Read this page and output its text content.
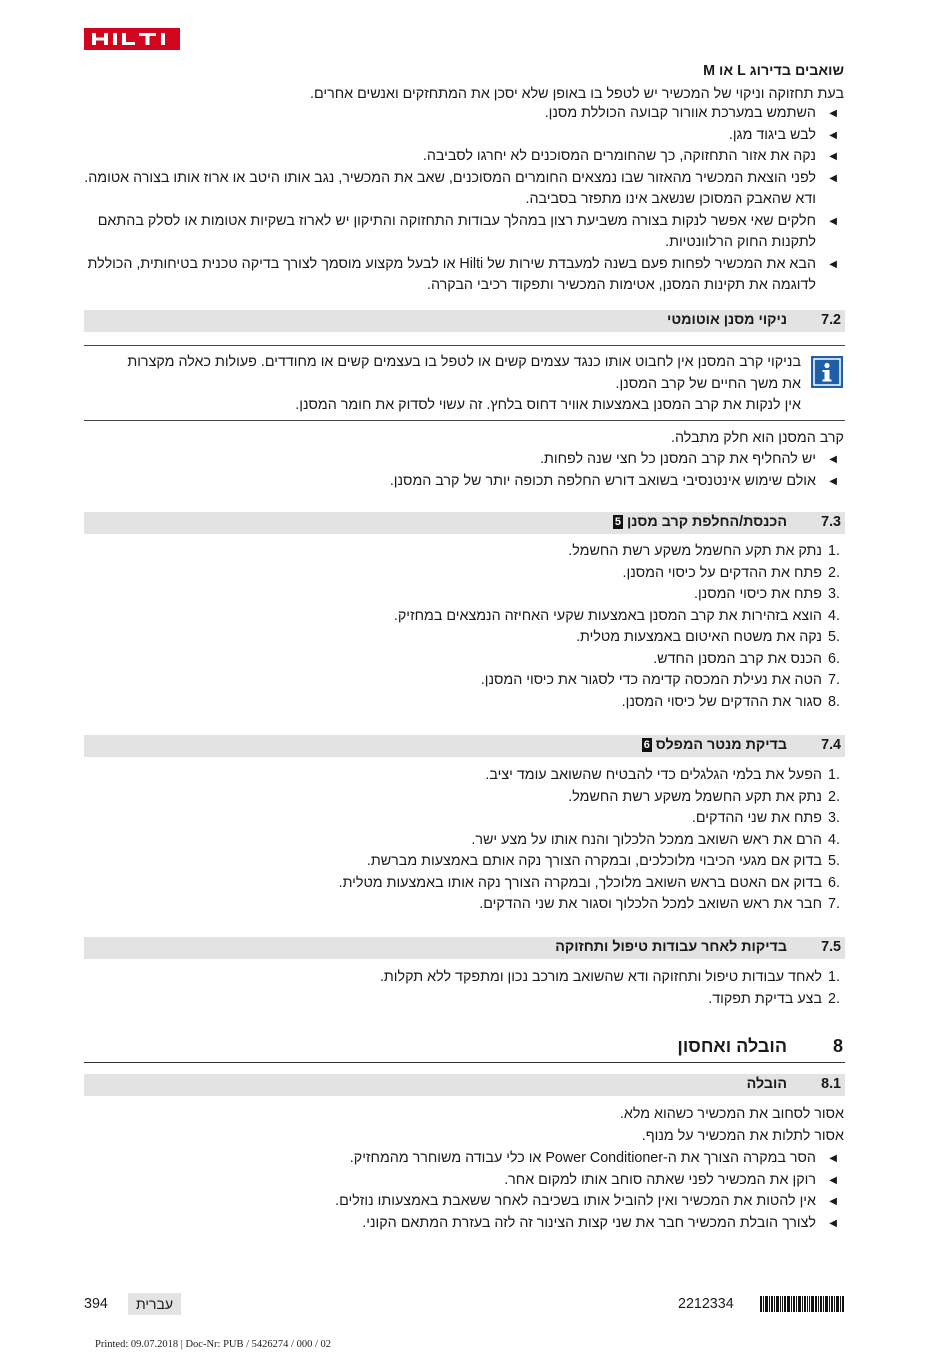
שואבים בדירוג L או M
בעת תחזוקה וניקוי של המכשיר יש לטפל בו באופן שלא יסכן את המתחזקים ואנשים אחרים.
◀
השתמש במערכת אוורור קבועה הכוללת מסנן.
◀
לבש ביגוד מגן.
◀
נקה את אזור התחזוקה, כך שהחומרים המסוכנים לא יחרגו לסביבה.
◀
לפני הוצאת המכשיר מהאזור שבו נמצאים החומרים המסוכנים, שאב את המכשיר, נגב אותו היטב או ארוז אותו בצורה אטומה. ודא שהאבק המסוכן שנשאב אינו מתפזר בסביבה.
◀
חלקים שאי אפשר לנקות בצורה משביעת רצון במהלך עבודות התחזוקה והתיקון יש לארוז בשקיות אטומות או לסלק בהתאם לתקנות החוק הרלוונטיות.
◀
הבא את המכשיר לפחות פעם בשנה למעבדת שירות של Hilti או לבעל מקצוע מוסמך לצורך בדיקה טכנית בטיחותית, הכוללת לדוגמה את תקינות המסנן, אטימות המכשיר ותפקוד רכיבי הבקרה.
7.2
ניקוי מסנן אוטומטי
בניקוי קרב המסנן אין לחבוט אותו כנגד עצמים קשים או לטפל בו בעצמים קשים או מחודדים. פעולות כאלה מקצרות
את משך החיים של קרב המסנן.
אין לנקות את קרב המסנן באמצעות אוויר דחוס בלחץ. זה עשוי לסדוק את חומר המסנן.
קרב המסנן הוא חלק מתבלה.
◀
יש להחליף את קרב המסנן כל חצי שנה לפחות.
◀
אולם שימוש אינטנסיבי בשואב דורש החלפה תכופה יותר של קרב המסנן.
7.3
הכנסת/החלפת קרב מסנן 5
1.
נתק את תקע החשמל משקע רשת החשמל.
2.
פתח את ההדקים על כיסוי המסנן.
3.
פתח את כיסוי המסנן.
4.
הוצא בזהירות את קרב המסנן באמצעות שקעי האחיזה הנמצאים במחזיק.
5.
נקה את משטח האיטום באמצעות מטלית.
6.
הכנס את קרב המסנן החדש.
7.
הטה את נעילת המכסה קדימה כדי לסגור את כיסוי המסנן.
8.
סגור את ההדקים של כיסוי המסנן.
7.4
בדיקת מנטר המפלס 6
1.
הפעל את בלמי הגלגלים כדי להבטיח שהשואב עומד יציב.
2.
נתק את תקע החשמל משקע רשת החשמל.
3.
פתח את שני ההדקים.
4.
הרם את ראש השואב ממכל הלכלוך והנח אותו על מצע ישר.
5.
בדוק אם מגעי הכיבוי מלוכלכים, ובמקרה הצורך נקה אותם באמצעות מברשת.
6.
בדוק אם האטם בראש השואב מלוכלך, ובמקרה הצורך נקה אותו באמצעות מטלית.
7.
חבר את ראש השואב למכל הלכלוך וסגור את שני ההדקים.
7.5
בדיקות לאחר עבודות טיפול ותחזוקה
1.
לאחד עבודות טיפול ותחזוקה ודא שהשואב מורכב נכון ומתפקד ללא תקלות.
2.
בצע בדיקת תפקוד.
8
הובלה ואחסון
8.1
הובלה
אסור לסחוב את המכשיר כשהוא מלא.
אסור לתלות את המכשיר על מנוף.
◀
הסר במקרה הצורך את ה-Power Conditioner או כלי עבודה משוחרר מהמחזיק.
◀
רוקן את המכשיר לפני שאתה סוחב אותו למקום אחר.
◀
אין להטות את המכשיר ואין להוביל אותו בשכיבה לאחר ששאבת באמצעותו נוזלים.
◀
לצורך הובלת המכשיר חבר את שני קצות הצינור זה לזה בעזרת המתאם הקוני.
394	עברית	2212334
Printed: 09.07.2018 | Doc-Nr: PUB / 5426274 / 000 / 02
